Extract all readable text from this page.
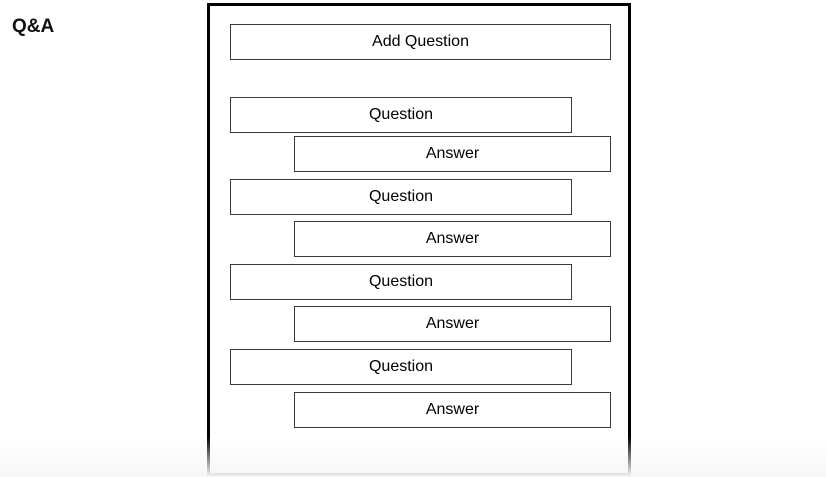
Q&A
Add Question
Question
Answer
Question
Answer
Question
Answer
Question
Answer
